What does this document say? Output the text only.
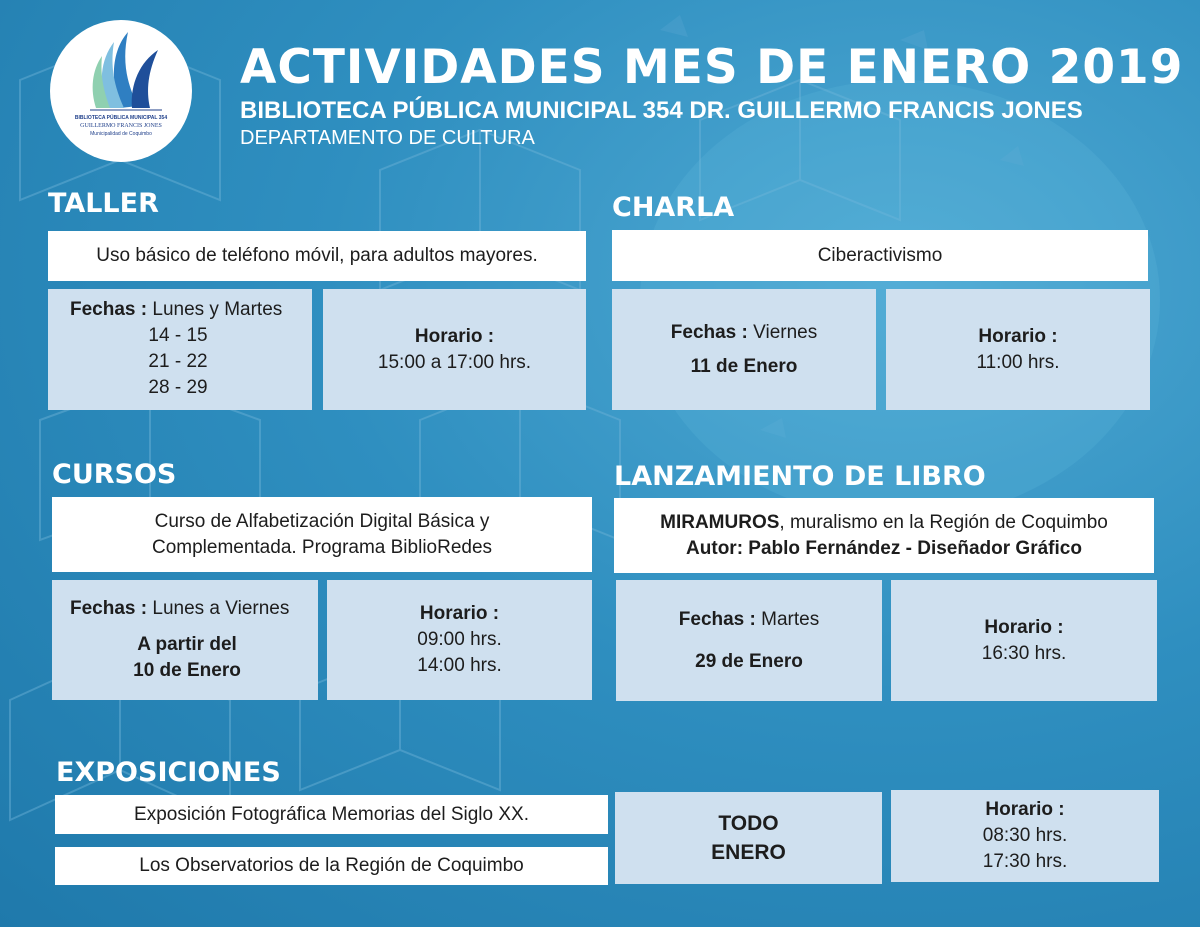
BIBLIOTECA PÚBLICA MUNICIPAL 354
GUILLERMO FRANCIS JONES
Municipalidad de Coquimbo
ACTIVIDADES MES DE ENERO 2019
BIBLIOTECA PÚBLICA MUNICIPAL 354 DR. GUILLERMO FRANCIS JONES
DEPARTAMENTO DE CULTURA
TALLER
Uso básico de teléfono móvil, para adultos mayores.
Fechas : Lunes y Martes
14 - 15
21 - 22
28 - 29
Horario :
15:00 a 17:00 hrs.
CHARLA
Ciberactivismo
Fechas : Viernes
11 de Enero
Horario :
11:00 hrs.
CURSOS
Curso de Alfabetización Digital Básica y
Complementada. Programa BiblioRedes
Fechas : Lunes a Viernes
A partir del
10 de Enero
Horario :
09:00 hrs.
14:00 hrs.
LANZAMIENTO DE LIBRO
MIRAMUROS, muralismo en la Región de Coquimbo
Autor: Pablo Fernández - Diseñador Gráfico
Fechas : Martes
29 de Enero
Horario :
16:30 hrs.
EXPOSICIONES
Exposición Fotográfica Memorias del Siglo XX.
Los Observatorios de la Región de Coquimbo
TODO
ENERO
Horario :
08:30 hrs.
17:30 hrs.
